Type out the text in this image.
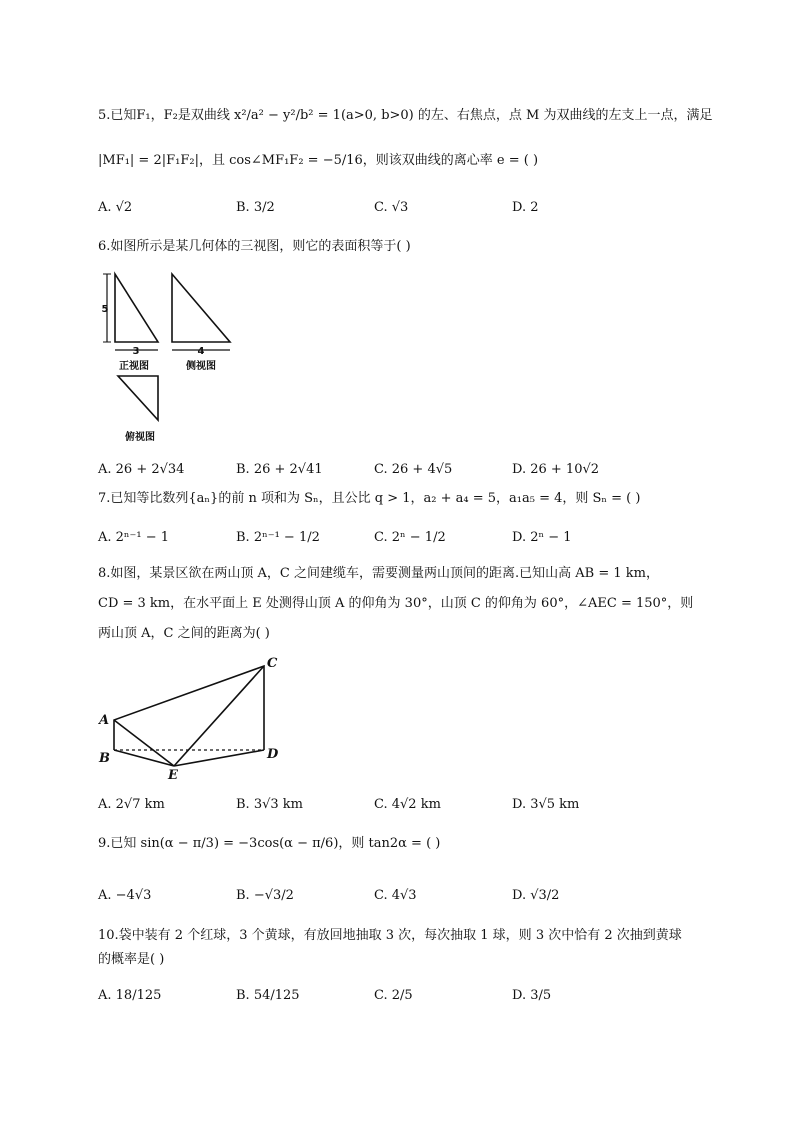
5.已知F₁，F₂是双曲线 x²/a² − y²/b² = 1(a>0, b>0) 的左、右焦点，点 M 为双曲线的左支上一点，满足
|MF₁| = 2|F₁F₂|，且 cos∠MF₁F₂ = −5/16，则该双曲线的离心率 e = ( )
A. √2	B. 3/2	C. √3	D. 2
6.如图所示是某几何体的三视图，则它的表面积等于( )
5
3
正视图
4
侧视图
俯视图
A. 26 + 2√34	B. 26 + 2√41	C. 26 + 4√5	D. 26 + 10√2
7.已知等比数列{aₙ}的前 n 项和为 Sₙ，且公比 q > 1，a₂ + a₄ = 5，a₁a₅ = 4，则 Sₙ = ( )
A. 2ⁿ⁻¹ − 1	B. 2ⁿ⁻¹ − 1/2	C. 2ⁿ − 1/2	D. 2ⁿ − 1
8.如图，某景区欲在两山顶 A，C 之间建缆车，需要测量两山顶间的距离.已知山高 AB = 1 km，
CD = 3 km，在水平面上 E 处测得山顶 A 的仰角为 30°，山顶 C 的仰角为 60°，∠AEC = 150°，则
两山顶 A，C 之间的距离为( )
C
A
B	D
E
A. 2√7 km	B. 3√3 km	C. 4√2 km	D. 3√5 km
9.已知 sin(α − π/3) = −3cos(α − π/6)，则 tan2α = ( )
A. −4√3	B. −√3/2	C. 4√3	D. √3/2
10.袋中装有 2 个红球，3 个黄球，有放回地抽取 3 次，每次抽取 1 球，则 3 次中恰有 2 次抽到黄球
的概率是( )
A. 18/125	B. 54/125	C. 2/5	D. 3/5
